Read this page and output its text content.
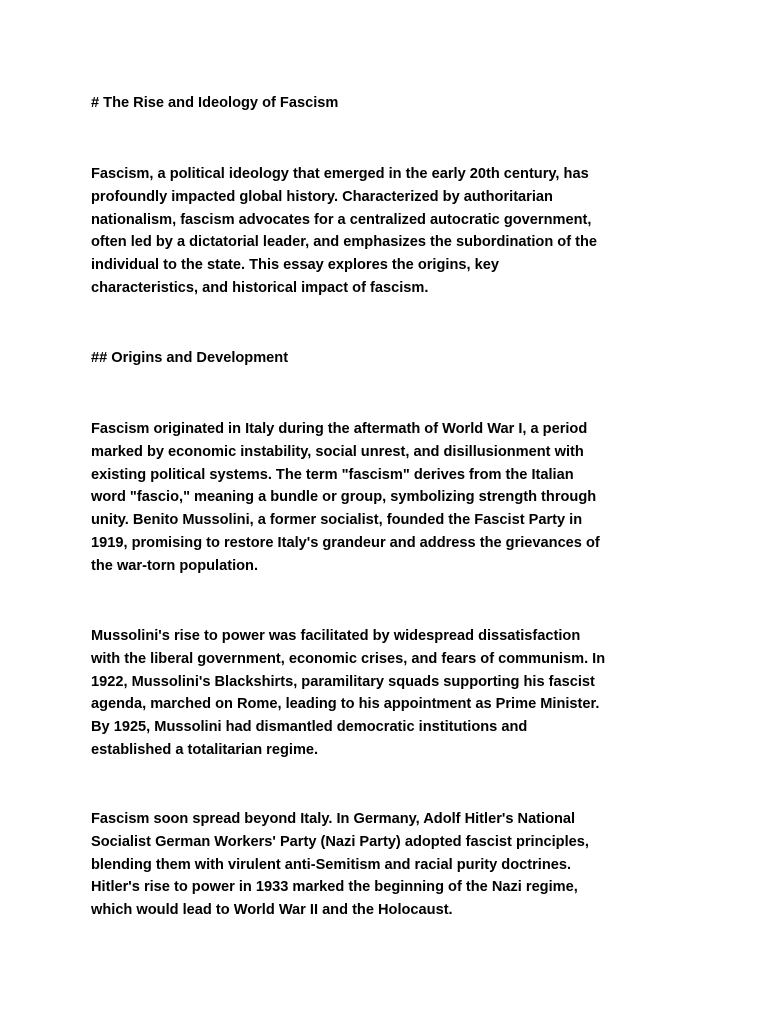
# The Rise and Ideology of Fascism

Fascism, a political ideology that emerged in the early 20th century, has
profoundly impacted global history. Characterized by authoritarian
nationalism, fascism advocates for a centralized autocratic government,
often led by a dictatorial leader, and emphasizes the subordination of the
individual to the state. This essay explores the origins, key
characteristics, and historical impact of fascism.

## Origins and Development

Fascism originated in Italy during the aftermath of World War I, a period
marked by economic instability, social unrest, and disillusionment with
existing political systems. The term "fascism" derives from the Italian
word "fascio," meaning a bundle or group, symbolizing strength through
unity. Benito Mussolini, a former socialist, founded the Fascist Party in
1919, promising to restore Italy's grandeur and address the grievances of
the war-torn population.

Mussolini's rise to power was facilitated by widespread dissatisfaction
with the liberal government, economic crises, and fears of communism. In
1922, Mussolini's Blackshirts, paramilitary squads supporting his fascist
agenda, marched on Rome, leading to his appointment as Prime Minister.
By 1925, Mussolini had dismantled democratic institutions and
established a totalitarian regime.

Fascism soon spread beyond Italy. In Germany, Adolf Hitler's National
Socialist German Workers' Party (Nazi Party) adopted fascist principles,
blending them with virulent anti-Semitism and racial purity doctrines.
Hitler's rise to power in 1933 marked the beginning of the Nazi regime,
which would lead to World War II and the Holocaust.
